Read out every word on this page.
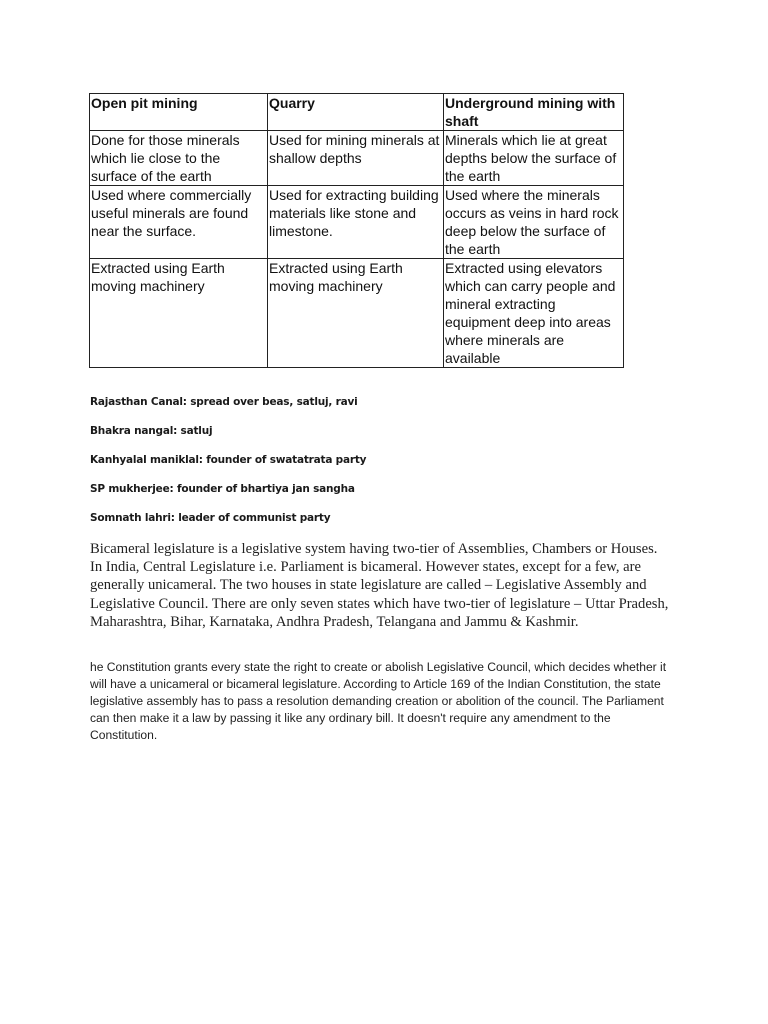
Open pit mining	Quarry	Underground mining with shaft
Done for those minerals which lie close to the surface of the earth	Used for mining minerals at shallow depths	Minerals which lie at great depths below the surface of the earth
Used where commercially useful minerals are found near the surface.	Used for extracting building materials like stone and limestone.	Used where the minerals occurs as veins in hard rock deep below the surface of the earth
Extracted using Earth moving machinery	Extracted using Earth moving machinery	Extracted using elevators which can carry people and mineral extracting equipment deep into areas where minerals are available
Rajasthan Canal: spread over beas, satluj, ravi
Bhakra nangal: satluj
Kanhyalal maniklal: founder of swatatrata party
SP mukherjee: founder of bhartiya jan sangha
Somnath lahri: leader of communist party

Bicameral legislature is a legislative system having two-tier of Assemblies, Chambers or Houses. In India, Central Legislature i.e. Parliament is bicameral. However states, except for a few, are generally unicameral. The two houses in state legislature are called – Legislative Assembly and Legislative Council. There are only seven states which have two-tier of legislature – Uttar Pradesh, Maharashtra, Bihar, Karnataka, Andhra Pradesh, Telangana and Jammu & Kashmir.

he Constitution grants every state the right to create or abolish Legislative Council, which decides whether it will have a unicameral or bicameral legislature. According to Article 169 of the Indian Constitution, the state legislative assembly has to pass a resolution demanding creation or abolition of the council. The Parliament can then make it a law by passing it like any ordinary bill. It doesn't require any amendment to the Constitution.
